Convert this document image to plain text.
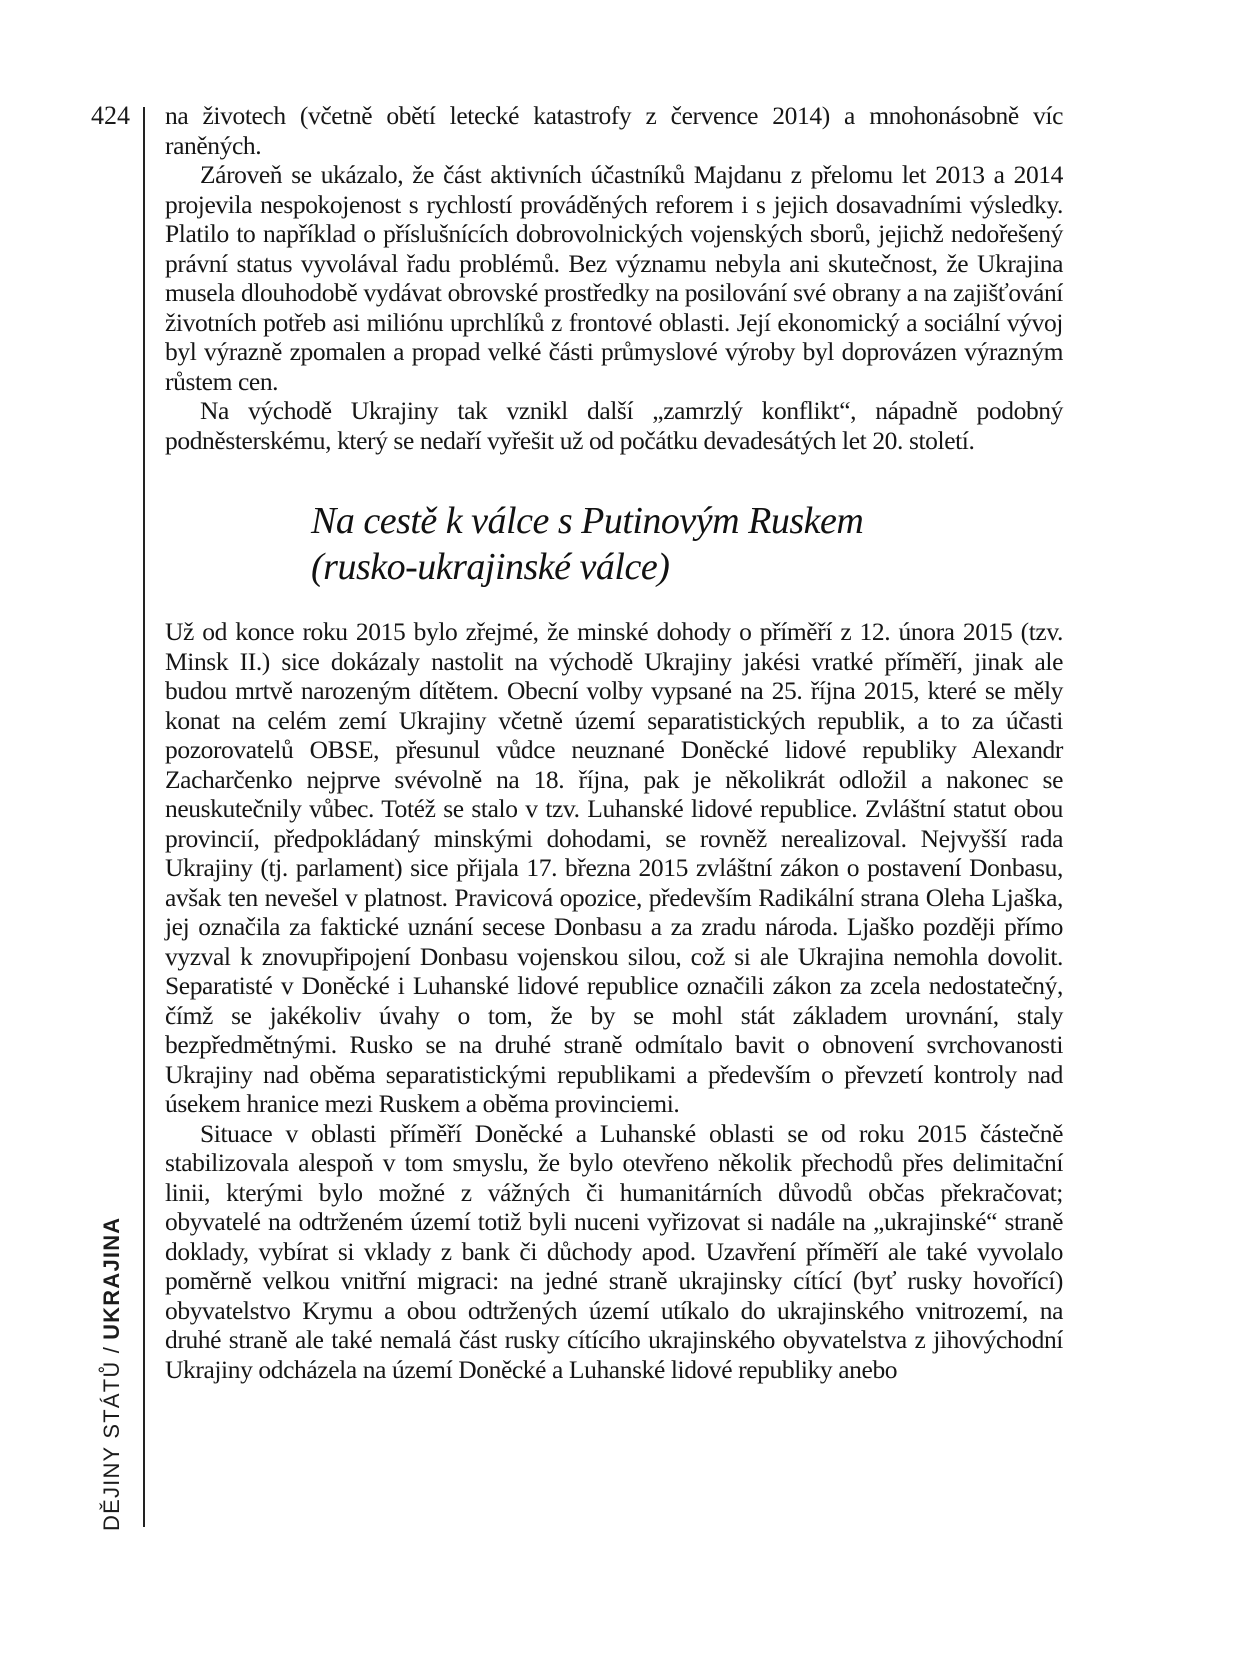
424
DĚJINY STÁTŮ /UKRAJINA

na životech (včetně obětí letecké katastrofy z července 2014) a mnohonásobně víc raněných.

Zároveň se ukázalo, že část aktivních účastníků Majdanu z přelomu let 2013 a 2014 projevila nespokojenost s rychlostí prováděných reforem i s jejich dosavadními výsledky. Platilo to například o příslušnících dobrovolnických vojenských sborů, jejichž nedořešený právní status vyvolával řadu problémů. Bez významu nebyla ani skutečnost, že Ukrajina musela dlouhodobě vydávat obrovské prostředky na posilování své obrany a na zajišťování životních potřeb asi miliónu uprchlíků z frontové oblasti. Její ekonomický a sociální vývoj byl výrazně zpomalen a propad velké části průmyslové výroby byl doprovázen výrazným růstem cen.

Na východě Ukrajiny tak vznikl další „zamrzlý konflikt“, nápadně podobný podněsterskému, který se nedaří vyřešit už od počátku devadesátých let 20. století.

Na cestě k válce s Putinovým Ruskem
(rusko-ukrajinské válce)

Už od konce roku 2015 bylo zřejmé, že minské dohody o příměří z 12. února 2015 (tzv. Minsk II.) sice dokázaly nastolit na východě Ukrajiny jakési vratké příměří, jinak ale budou mrtvě narozeným dítětem. Obecní volby vypsané na 25. října 2015, které se měly konat na celém zemí Ukrajiny včetně území separatistických republik, a to za účasti pozorovatelů OBSE, přesunul vůdce neuznané Doněcké lidové republiky Alexandr Zacharčenko nejprve svévolně na 18. října, pak je několikrát odložil a nakonec se neuskutečnily vůbec. Totéž se stalo v tzv. Luhanské lidové republice. Zvláštní statut obou provincií, předpokládaný minskými dohodami, se rovněž nerealizoval. Nejvyšší rada Ukrajiny (tj. parlament) sice přijala 17. března 2015 zvláštní zákon o postavení Donbasu, avšak ten nevešel v platnost. Pravicová opozice, především Radikální strana Oleha Ljaška, jej označila za faktické uznání secese Donbasu a za zradu národa. Ljaško později přímo vyzval k znovupřipojení Donbasu vojenskou silou, což si ale Ukrajina nemohla dovolit. Separatisté v Doněcké i Luhanské lidové republice označili zákon za zcela nedostatečný, čímž se jakékoliv úvahy o tom, že by se mohl stát základem urovnání, staly bezpředmětnými. Rusko se na druhé straně odmítalo bavit o obnovení svrchovanosti Ukrajiny nad oběma separatistickými republikami a především o převzetí kontroly nad úsekem hranice mezi Ruskem a oběma provinciemi.

Situace v oblasti příměří Doněcké a Luhanské oblasti se od roku 2015 částečně stabilizovala alespoň v tom smyslu, že bylo otevřeno několik přechodů přes delimitační linii, kterými bylo možné z vážných či humanitárních důvodů občas překračovat; obyvatelé na odtrženém území totiž byli nuceni vyřizovat si nadále na „ukrajinské“ straně doklady, vybírat si vklady z bank či důchody apod. Uzavření příměří ale také vyvolalo poměrně velkou vnitřní migraci: na jedné straně ukrajinsky cítící (byť rusky hovořící) obyvatelstvo Krymu a obou odtržených území utíkalo do ukrajinského vnitrozemí, na druhé straně ale také nemalá část rusky cítícího ukrajinského obyvatelstva z jihovýchodní Ukrajiny odcházela na území Doněcké a Luhanské lidové republiky anebo
